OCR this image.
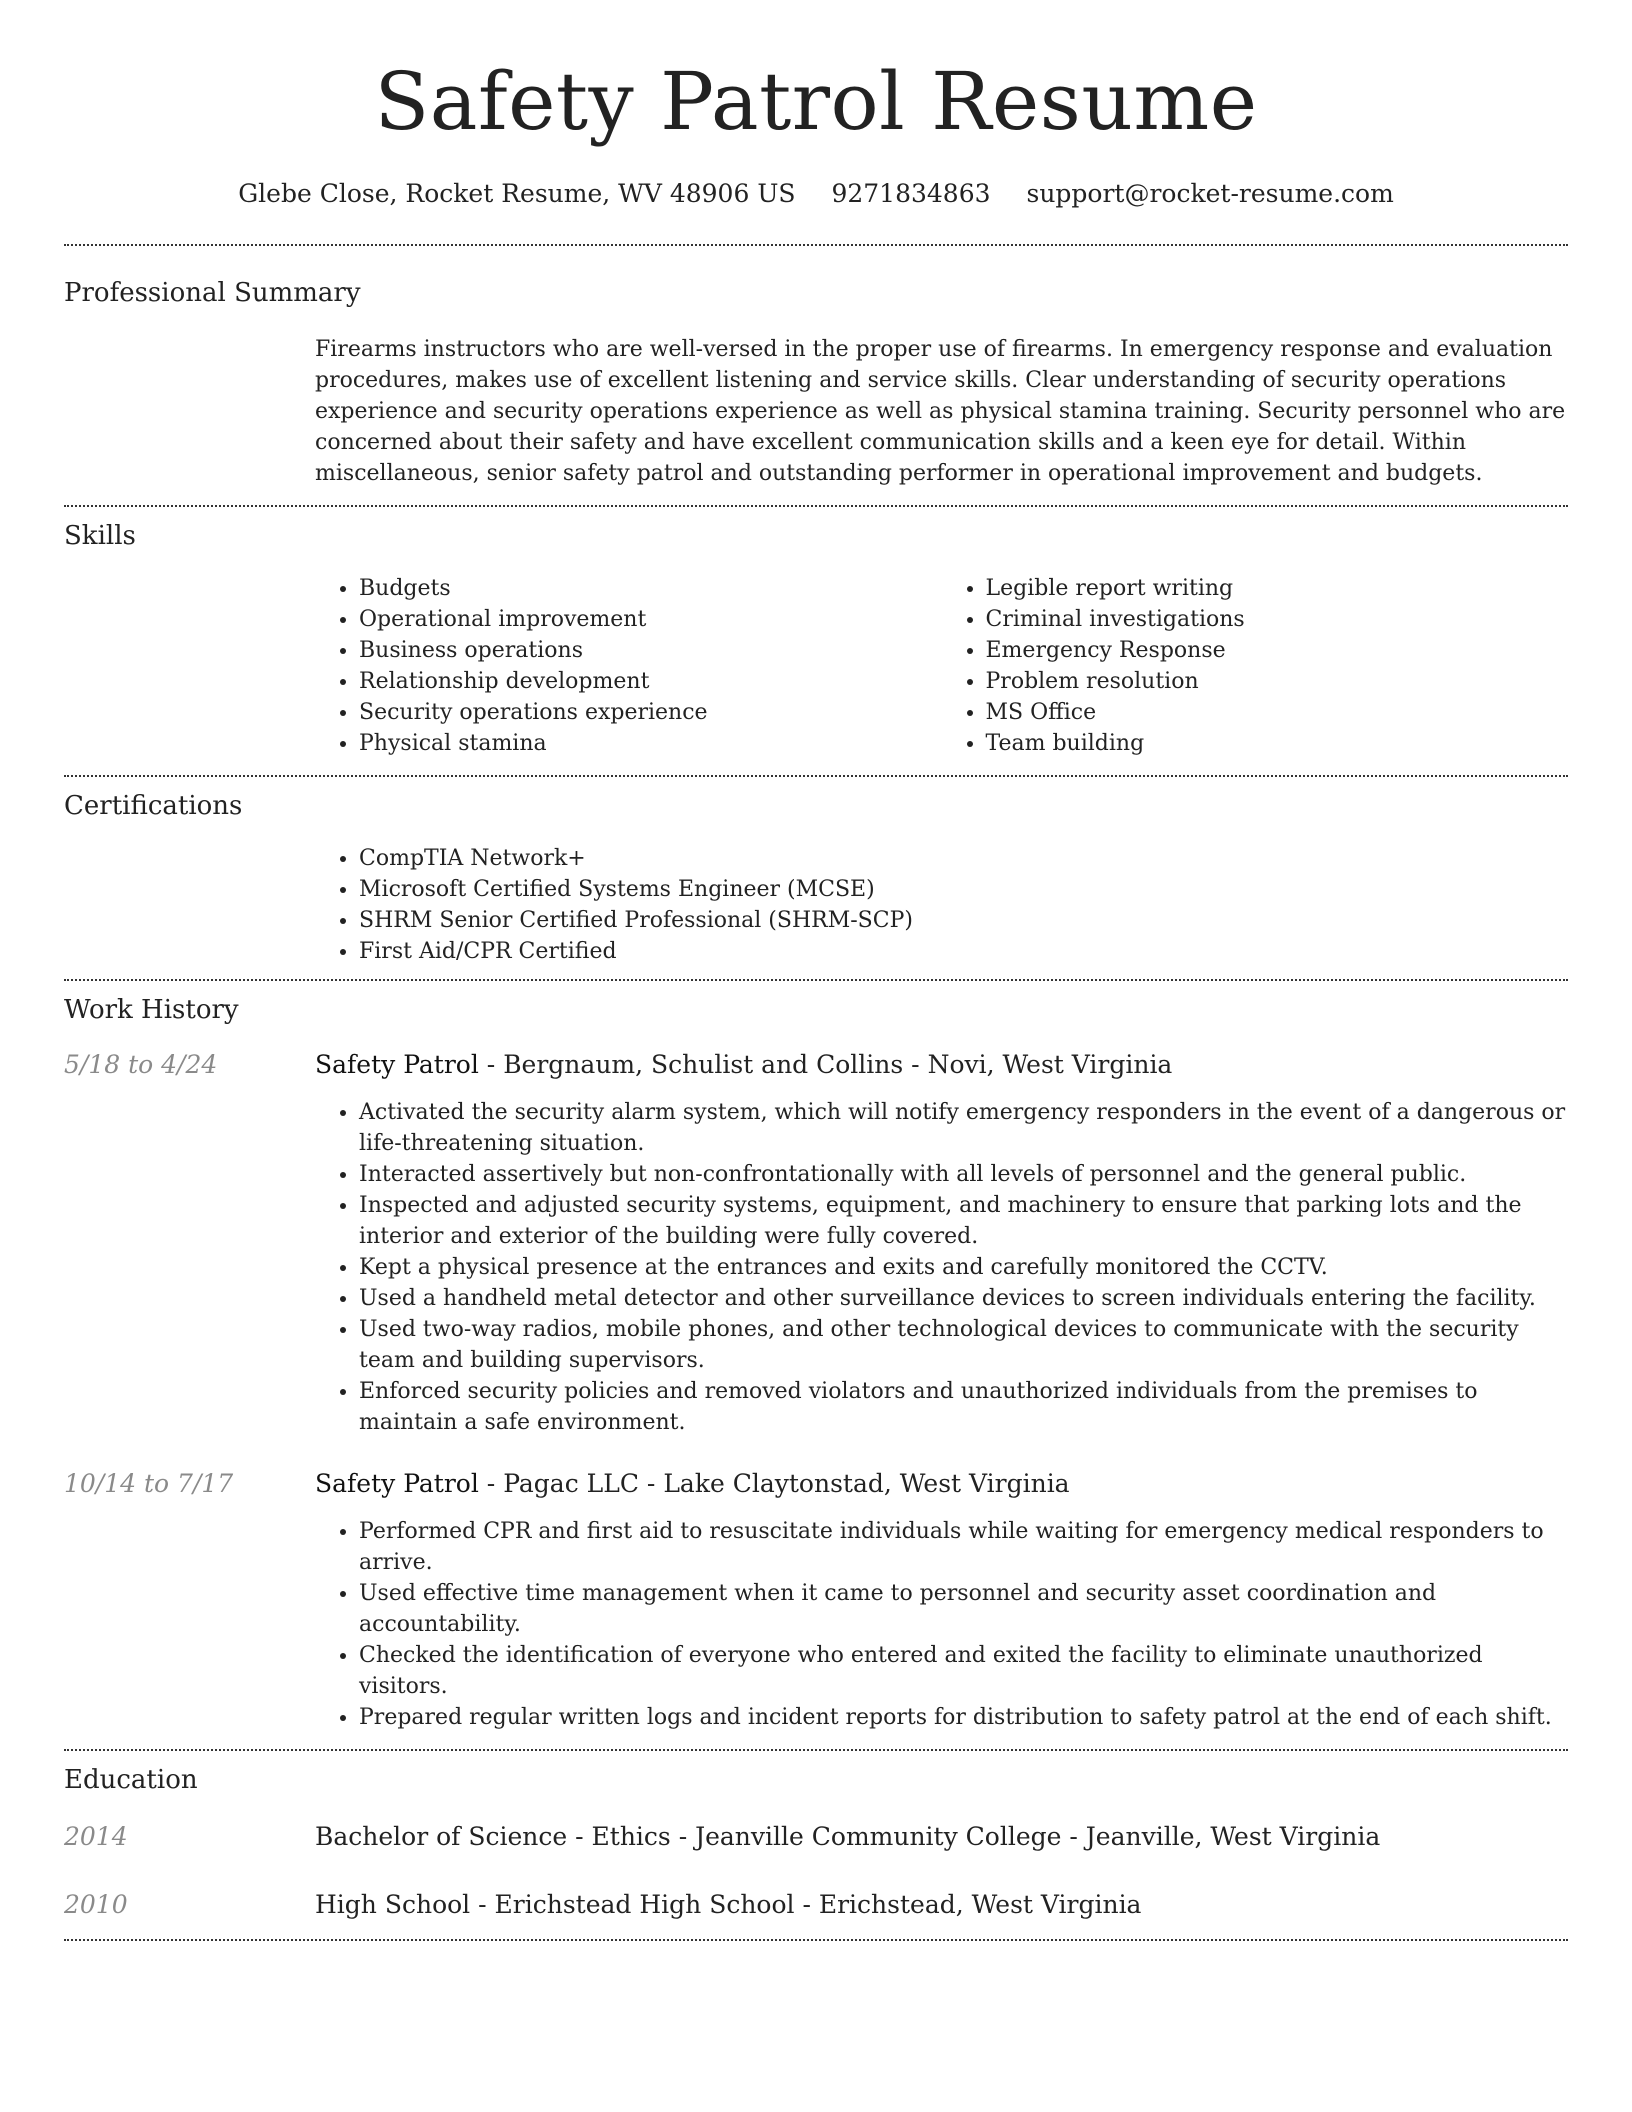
Safety Patrol Resume
Glebe Close, Rocket Resume, WV 48906 US 9271834863 support@rocket-resume.com
Professional Summary

Firearms instructors who are well-versed in the proper use of firearms. In emergency response and evaluation procedures, makes use of excellent listening and service skills. Clear understanding of security operations experience and security operations experience as well as physical stamina training. Security personnel who are concerned about their safety and have excellent communication skills and a keen eye for detail. Within miscellaneous, senior safety patrol and outstanding performer in operational improvement and budgets.

Skills
• Budgets
• Operational improvement
• Business operations
• Relationship development
• Security operations experience
• Physical stamina
• Legible report writing
• Criminal investigations
• Emergency Response
• Problem resolution
• MS Office
• Team building
Certifications
• CompTIA Network+
• Microsoft Certified Systems Engineer (MCSE)
• SHRM Senior Certified Professional (SHRM-SCP)
• First Aid/CPR Certified
Work History
5/18 to 4/24	Safety Patrol - Bergnaum, Schulist and Collins - Novi, West Virginia
• Activated the security alarm system, which will notify emergency responders in the event of a dangerous or life-threatening situation.
• Interacted assertively but non-confrontationally with all levels of personnel and the general public.
• Inspected and adjusted security systems, equipment, and machinery to ensure that parking lots and the interior and exterior of the building were fully covered.
• Kept a physical presence at the entrances and exits and carefully monitored the CCTV.
• Used a handheld metal detector and other surveillance devices to screen individuals entering the facility.
• Used two-way radios, mobile phones, and other technological devices to communicate with the security team and building supervisors.
• Enforced security policies and removed violators and unauthorized individuals from the premises to maintain a safe environment.
10/14 to 7/17	Safety Patrol - Pagac LLC - Lake Claytonstad, West Virginia
• Performed CPR and first aid to resuscitate individuals while waiting for emergency medical responders to arrive.
• Used effective time management when it came to personnel and security asset coordination and accountability.
• Checked the identification of everyone who entered and exited the facility to eliminate unauthorized visitors.
• Prepared regular written logs and incident reports for distribution to safety patrol at the end of each shift.
Education
2014	Bachelor of Science - Ethics - Jeanville Community College - Jeanville, West Virginia
2010	High School - Erichstead High School - Erichstead, West Virginia
